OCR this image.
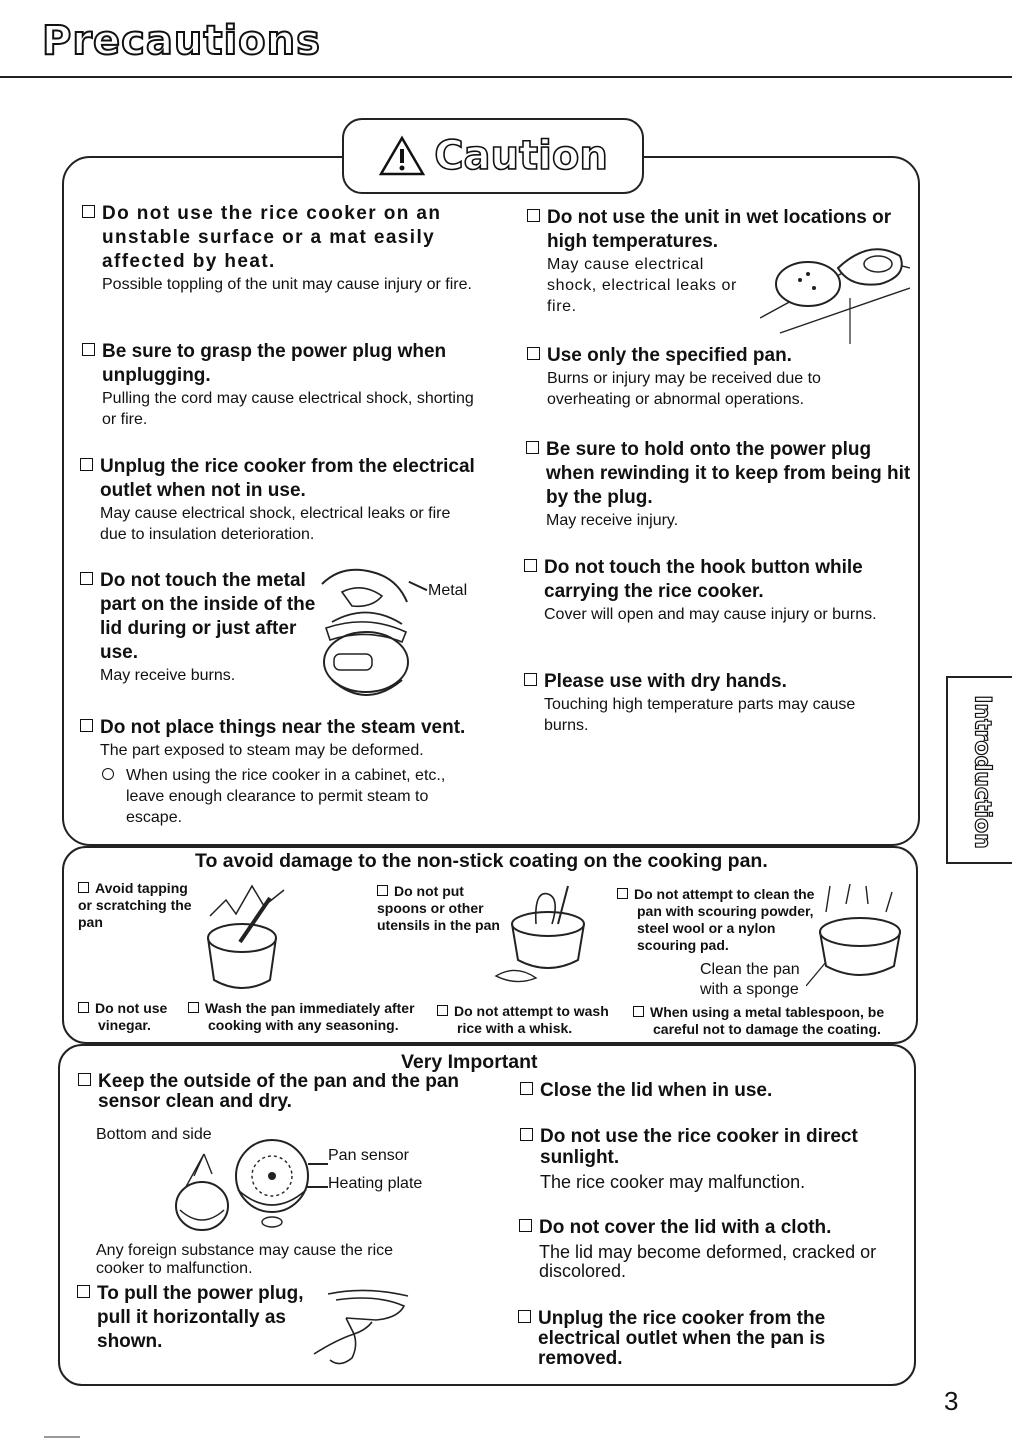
Precautions
Caution
Do not use the rice cooker on an unstable surface or a mat easily affected by heat.
Possible toppling of the unit may cause injury or fire.
Be sure to grasp the power plug when unplugging.
Pulling the cord may cause electrical shock, shorting or fire.
Unplug the rice cooker from the electrical outlet when not in use.
May cause electrical shock, electrical leaks or fire due to insulation deterioration.
Do not touch the metal part on the inside of the lid during or just after use.
May receive burns.
Metal
Do not place things near the steam vent.
The part exposed to steam may be deformed.
When using the rice cooker in a cabinet, etc., leave enough clearance to permit steam to escape.
Do not use the unit in wet locations or high temperatures.
May cause electrical shock, electrical leaks or fire.
Use only the specified pan.
Burns or injury may be received due to overheating or abnormal operations.
Be sure to hold onto the power plug when rewinding it to keep from being hit by the plug.
May receive injury.
Do not touch the hook button while carrying the rice cooker.
Cover will open and may cause injury or burns.
Please use with dry hands.
Touching high temperature parts may cause burns.	Introduction
To avoid damage to the non-stick coating on the cooking pan.
Avoid tapping or scratching the pan
Do not put spoons or other utensils in the pan
Do not attempt to clean the pan with scouring powder, steel wool or a nylon scouring pad.
Clean the pan with a sponge
Do not use vinegar.
Wash the pan immediately after cooking with any seasoning.
Do not attempt to wash rice with a whisk.
When using a metal tablespoon, be careful not to damage the coating.
Very Important
Keep the outside of the pan and the pan sensor clean and dry.
Bottom and side
Pan sensor
Heating plate
Any foreign substance may cause the rice cooker to malfunction.
To pull the power plug, pull it horizontally as shown.
Close the lid when in use.
Do not use the rice cooker in direct sunlight.
The rice cooker may malfunction.
Do not cover the lid with a cloth.
The lid may become deformed, cracked or discolored.
Unplug the rice cooker from the electrical outlet when the pan is removed.
3
